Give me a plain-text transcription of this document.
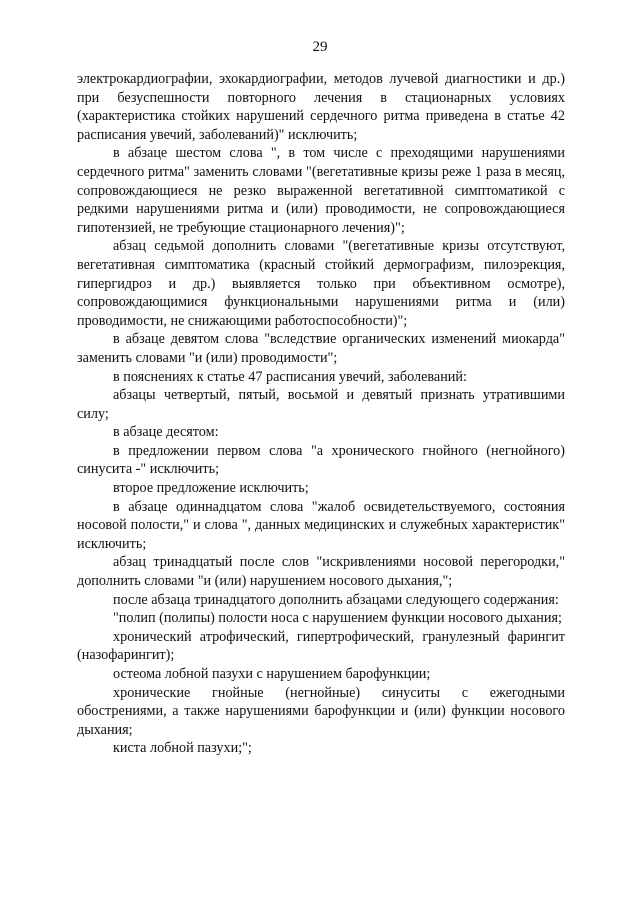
29

электрокардиографии, эхокардиографии, методов лучевой диагностики и др.) при безуспешности повторного лечения в стационарных условиях (характеристика стойких нарушений сердечного ритма приведена в статье 42 расписания увечий, заболеваний)" исключить;

в абзаце шестом слова ", в том числе с преходящими нарушениями сердечного ритма" заменить словами "(вегетативные кризы реже 1 раза в месяц, сопровождающиеся не резко выраженной вегетативной симптоматикой с редкими нарушениями ритма и (или) проводимости, не сопровождающиеся гипотензией, не требующие стационарного лечения)";

абзац седьмой дополнить словами "(вегетативные кризы отсутствуют, вегетативная симптоматика (красный стойкий дермографизм, пилоэрекция, гипергидроз и др.) выявляется только при объективном осмотре), сопровождающимися функциональными нарушениями ритма и (или) проводимости, не снижающими работоспособности)";

в абзаце девятом слова "вследствие органических изменений миокарда" заменить словами "и (или) проводимости";

в пояснениях к статье 47 расписания увечий, заболеваний:

абзацы четвертый, пятый, восьмой и девятый признать утратившими силу;

в абзаце десятом:

в предложении первом слова "а хронического гнойного (негнойного) синусита -" исключить;

второе предложение исключить;

в абзаце одиннадцатом слова "жалоб освидетельствуемого, состояния носовой полости," и слова ", данных медицинских и служебных характеристик" исключить;

абзац тринадцатый после слов "искривлениями носовой перегородки," дополнить словами "и (или) нарушением носового дыхания,";

после абзаца тринадцатого дополнить абзацами следующего содержания:

"полип (полипы) полости носа с нарушением функции носового дыхания;

хронический атрофический, гипертрофический, гранулезный фарингит (назофарингит);

остеома лобной пазухи с нарушением барофункции;

хронические гнойные (негнойные) синуситы с ежегодными обострениями, а также нарушениями барофункции и (или) функции носового дыхания;

киста лобной пазухи;";
